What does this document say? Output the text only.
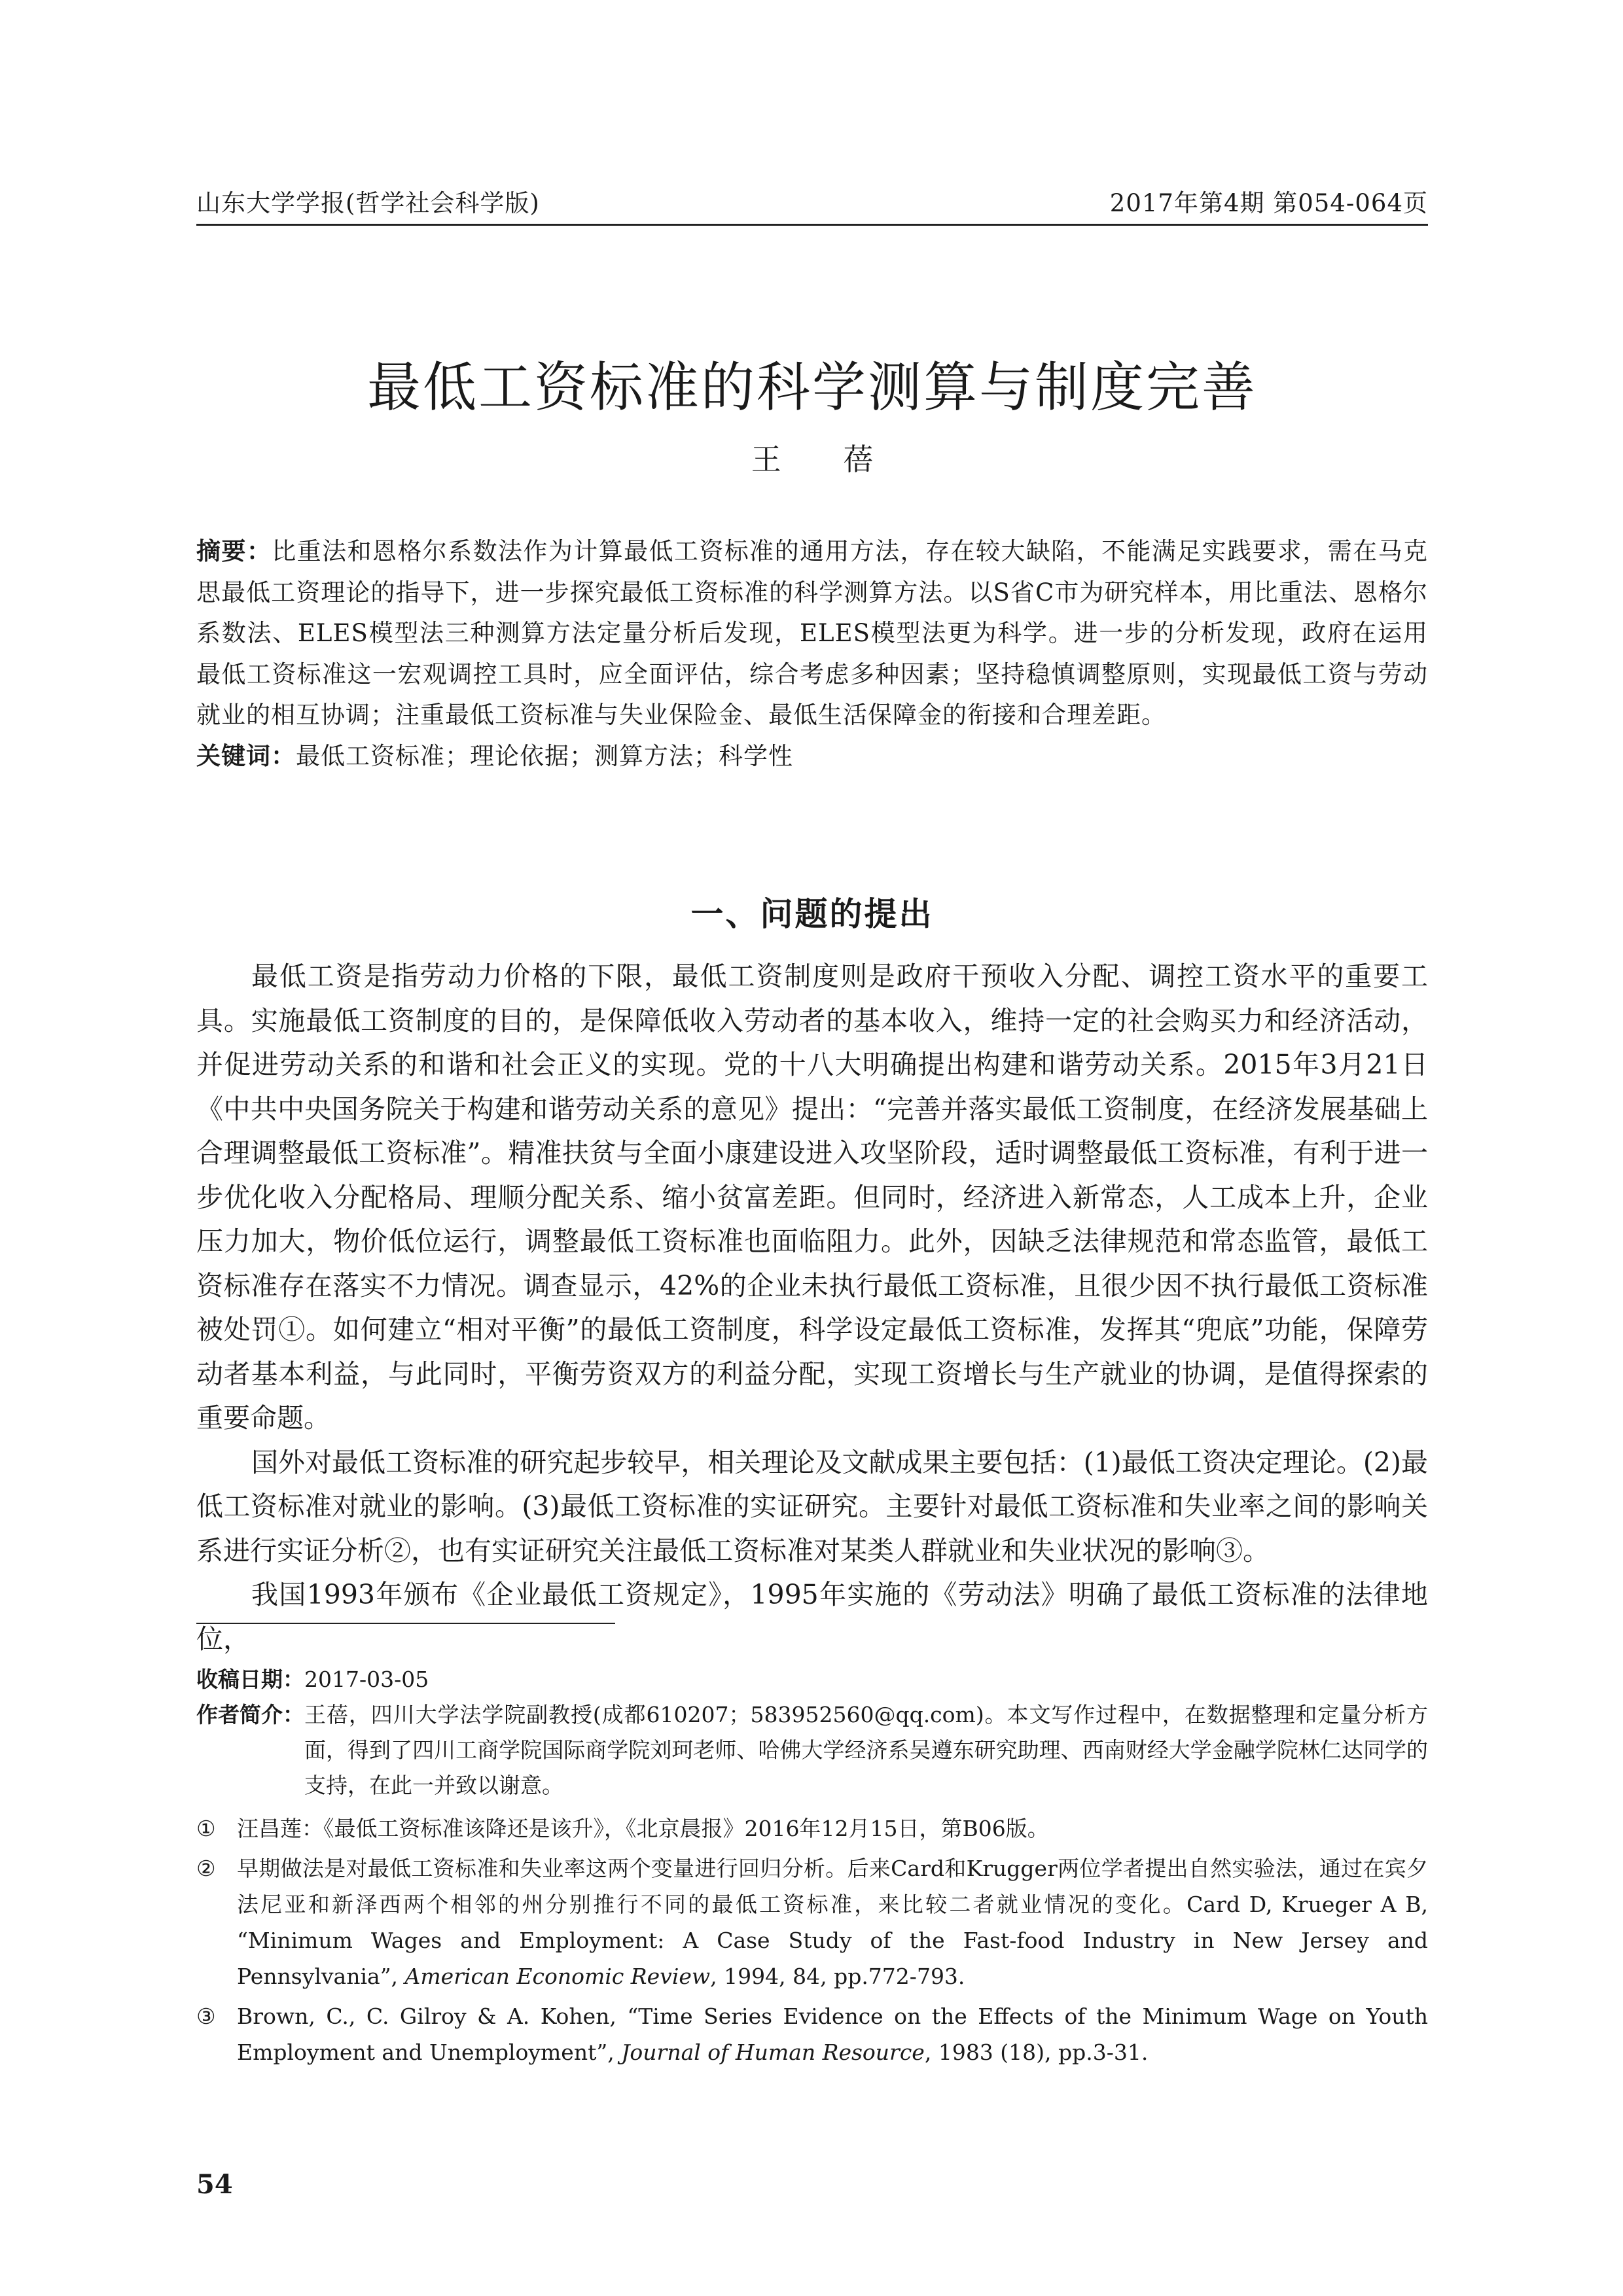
山东大学学报(哲学社会科学版)	2017年第4期 第054-064页
最低工资标准的科学测算与制度完善
王 蓓
摘要：比重法和恩格尔系数法作为计算最低工资标准的通用方法，存在较大缺陷，不能满足实践要求，需在马克思最低工资理论的指导下，进一步探究最低工资标准的科学测算方法。以S省C市为研究样本，用比重法、恩格尔系数法、ELES模型法三种测算方法定量分析后发现，ELES模型法更为科学。进一步的分析发现，政府在运用最低工资标准这一宏观调控工具时，应全面评估，综合考虑多种因素；坚持稳慎调整原则，实现最低工资与劳动就业的相互协调；注重最低工资标准与失业保险金、最低生活保障金的衔接和合理差距。
关键词：最低工资标准；理论依据；测算方法；科学性
一、问题的提出

最低工资是指劳动力价格的下限，最低工资制度则是政府干预收入分配、调控工资水平的重要工具。实施最低工资制度的目的，是保障低收入劳动者的基本收入，维持一定的社会购买力和经济活动，并促进劳动关系的和谐和社会正义的实现。党的十八大明确提出构建和谐劳动关系。2015年3月21日《中共中央国务院关于构建和谐劳动关系的意见》提出：“完善并落实最低工资制度，在经济发展基础上合理调整最低工资标准”。精准扶贫与全面小康建设进入攻坚阶段，适时调整最低工资标准，有利于进一步优化收入分配格局、理顺分配关系、缩小贫富差距。但同时，经济进入新常态，人工成本上升，企业压力加大，物价低位运行，调整最低工资标准也面临阻力。此外，因缺乏法律规范和常态监管，最低工资标准存在落实不力情况。调查显示，42%的企业未执行最低工资标准，且很少因不执行最低工资标准被处罚①。如何建立“相对平衡”的最低工资制度，科学设定最低工资标准，发挥其“兜底”功能，保障劳动者基本利益，与此同时，平衡劳资双方的利益分配，实现工资增长与生产就业的协调，是值得探索的重要命题。

国外对最低工资标准的研究起步较早，相关理论及文献成果主要包括：(1)最低工资决定理论。(2)最低工资标准对就业的影响。(3)最低工资标准的实证研究。主要针对最低工资标准和失业率之间的影响关系进行实证分析②，也有实证研究关注最低工资标准对某类人群就业和失业状况的影响③。

我国1993年颁布《企业最低工资规定》，1995年实施的《劳动法》明确了最低工资标准的法律地位，

收稿日期： 2017-03-05
作者简介： 王蓓，四川大学法学院副教授(成都610207；583952560@qq.com)。本文写作过程中，在数据整理和定量分析方面，得到了四川工商学院国际商学院刘珂老师、哈佛大学经济系吴遵东研究助理、西南财经大学金融学院林仁达同学的支持，在此一并致以谢意。
① 汪昌莲：《最低工资标准该降还是该升》，《北京晨报》2016年12月15日，第B06版。
② 早期做法是对最低工资标准和失业率这两个变量进行回归分析。后来Card和Krugger两位学者提出自然实验法，通过在宾夕法尼亚和新泽西两个相邻的州分别推行不同的最低工资标准，来比较二者就业情况的变化。Card D, Krueger A B, “Minimum Wages and Employment: A Case Study of the Fast-food Industry in New Jersey and Pennsylvania”, American Economic Review, 1994, 84, pp.772-793.
③ Brown, C., C. Gilroy & A. Kohen, “Time Series Evidence on the Effects of the Minimum Wage on Youth Employment and Unemployment”, Journal of Human Resource, 1983 (18), pp.3-31.
54
